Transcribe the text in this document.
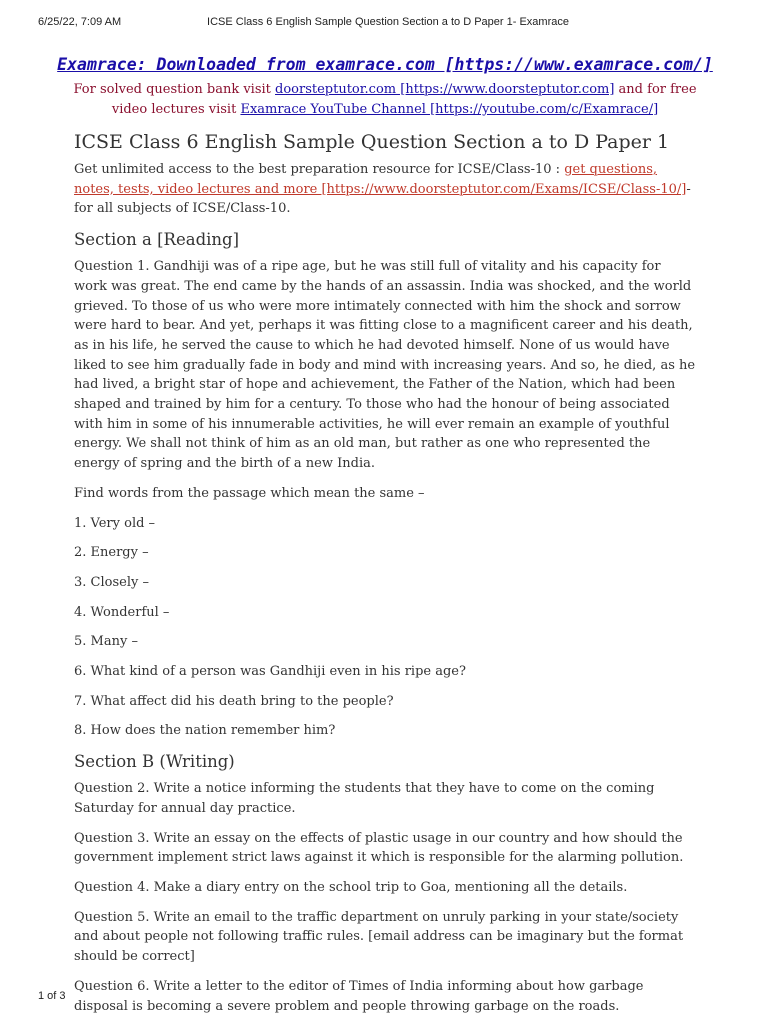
6/25/22, 7:09 AM	ICSE Class 6 English Sample Question Section a to D Paper 1- Examrace
Examrace: Downloaded from examrace.com [https://www.examrace.com/]
For solved question bank visit doorsteptutor.com [https://www.doorsteptutor.com] and for free video lectures visit Examrace YouTube Channel [https://youtube.com/c/Examrace/]
ICSE Class 6 English Sample Question Section a to D Paper 1

Get unlimited access to the best preparation resource for ICSE/Class-10 : get questions, notes, tests, video lectures and more [https://www.doorsteptutor.com/Exams/ICSE/Class-10/]- for all subjects of ICSE/Class-10.

Section a [Reading]

Question 1. Gandhiji was of a ripe age, but he was still full of vitality and his capacity for work was great. The end came by the hands of an assassin. India was shocked, and the world grieved. To those of us who were more intimately connected with him the shock and sorrow were hard to bear. And yet, perhaps it was fitting close to a magnificent career and his death, as in his life, he served the cause to which he had devoted himself. None of us would have liked to see him gradually fade in body and mind with increasing years. And so, he died, as he had lived, a bright star of hope and achievement, the Father of the Nation, which had been shaped and trained by him for a century. To those who had the honour of being associated with him in some of his innumerable activities, he will ever remain an example of youthful energy. We shall not think of him as an old man, but rather as one who represented the energy of spring and the birth of a new India.

Find words from the passage which mean the same –

1. Very old –

2. Energy –

3. Closely –

4. Wonderful –

5. Many –

6. What kind of a person was Gandhiji even in his ripe age?

7. What affect did his death bring to the people?

8. How does the nation remember him?

Section B (Writing)

Question 2. Write a notice informing the students that they have to come on the coming Saturday for annual day practice.

Question 3. Write an essay on the effects of plastic usage in our country and how should the government implement strict laws against it which is responsible for the alarming pollution.

Question 4. Make a diary entry on the school trip to Goa, mentioning all the details.

Question 5. Write an email to the traffic department on unruly parking in your state/society and about people not following traffic rules. [email address can be imaginary but the format should be correct]

Question 6. Write a letter to the editor of Times of India informing about how garbage disposal is becoming a severe problem and people throwing garbage on the roads.

1 of 3
